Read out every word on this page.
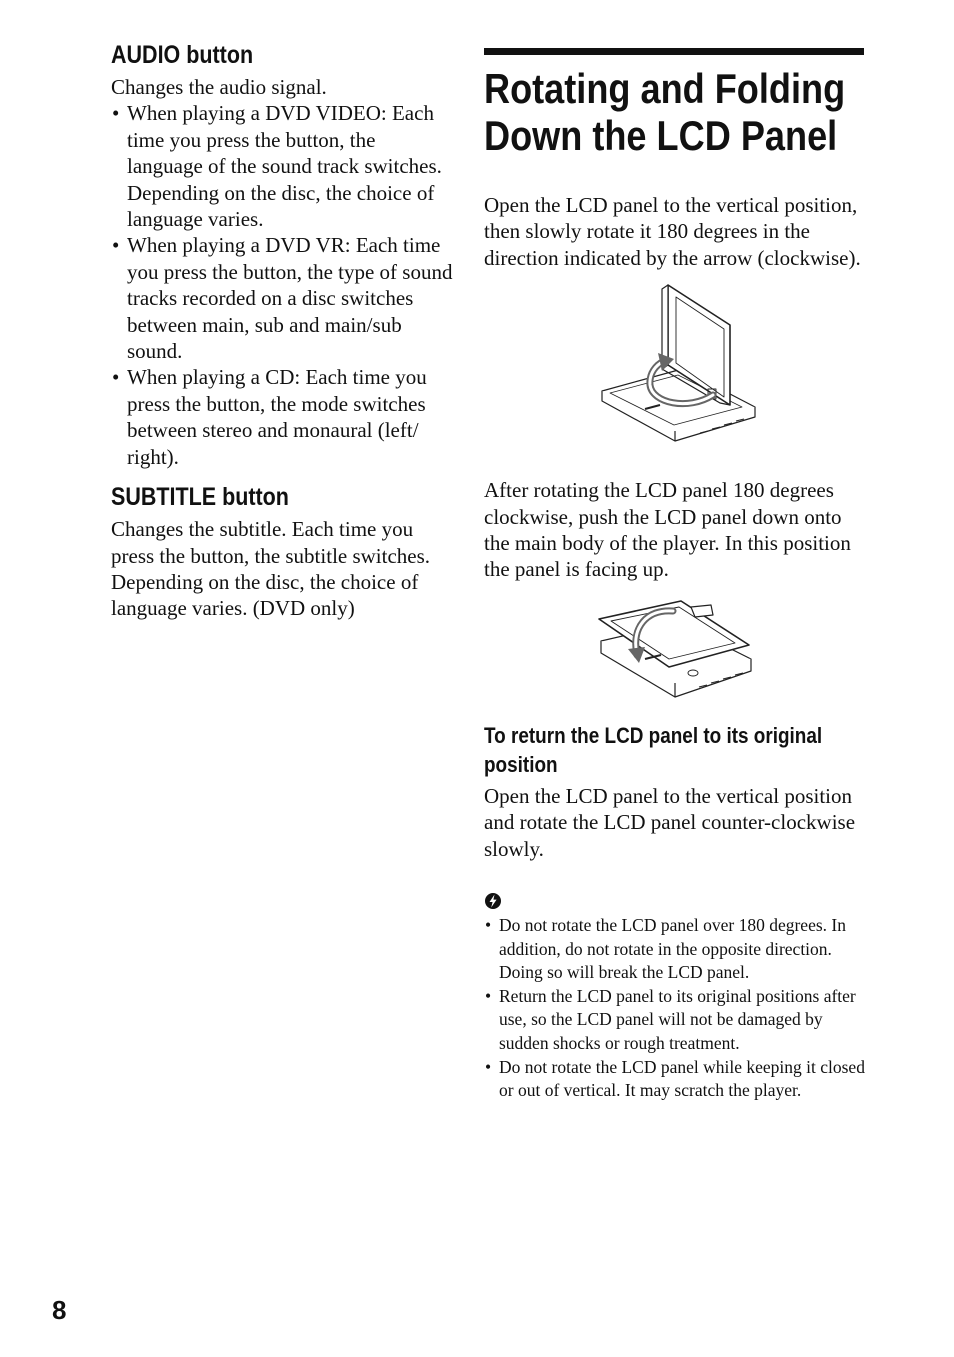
AUDIO button

Changes the audio signal.

• When playing a DVD VIDEO: Each time you press the button, the language of the sound track switches. Depending on the disc, the choice of language varies.
• When playing a DVD VR: Each time you press the button, the type of sound tracks recorded on a disc switches between main, sub and main/sub sound.
• When playing a CD: Each time you press the button, the mode switches between stereo and monaural (left/ right).
SUBTITLE button

Changes the subtitle. Each time you press the button, the subtitle switches. Depending on the disc, the choice of language varies. (DVD only)

Rotating and Folding Down the LCD Panel

Open the LCD panel to the vertical position, then slowly rotate it 180 degrees in the direction indicated by the arrow (clockwise).

After rotating the LCD panel 180 degrees clockwise, push the LCD panel down onto the main body of the player. In this position the panel is facing up.

To return the LCD panel to its original position

Open the LCD panel to the vertical position and rotate the LCD panel counter-clockwise slowly.

• Do not rotate the LCD panel over 180 degrees. In addition, do not rotate in the opposite direction. Doing so will break the LCD panel.
• Return the LCD panel to its original positions after use, so the LCD panel will not be damaged by sudden shocks or rough treatment.
• Do not rotate the LCD panel while keeping it closed or out of vertical. It may scratch the player.
8
